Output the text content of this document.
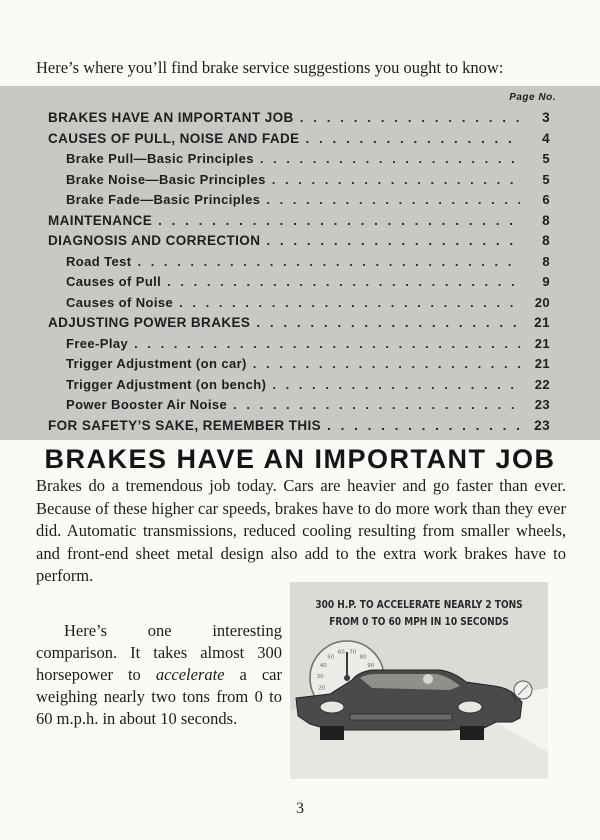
Here’s where you’ll find brake service suggestions you ought to know:
Page No.
BRAKES HAVE AN IMPORTANT JOB . . .	3
CAUSES OF PULL, NOISE AND FADE . . .	4
Brake Pull—Basic Principles . . .	5
Brake Noise—Basic Principles . . .	5
Brake Fade—Basic Principles . . .	6
MAINTENANCE . . .	8
DIAGNOSIS AND CORRECTION . . .	8
Road Test . . .	8
Causes of Pull . . .	9
Causes of Noise . . .	20
ADJUSTING POWER BRAKES . . .	21
Free-Play . . .	21
Trigger Adjustment (on car) . . .	21
Trigger Adjustment (on bench) . . .	22
Power Booster Air Noise . . .	23
FOR SAFETY’S SAKE, REMEMBER THIS . . .	23
BRAKES HAVE AN IMPORTANT JOB
Brakes do a tremendous job today. Cars are heavier and go faster than ever. Because of these higher car speeds, brakes have to do more work than they ever did. Automatic transmissions, reduced cooling resulting from smaller wheels, and front-end sheet metal design also add to the extra work brakes have to perform.
Here’s one interesting comparison. It takes almost 300 horsepower to accelerate a car weighing nearly two tons from 0 to 60 m.p.h. in about 10 seconds.
20
30
40
50
60 70
80
90
300 H.P. TO ACCELERATE NEARLY 2 TONS
FROM 0 TO 60 MPH IN 10 SECONDS
3
